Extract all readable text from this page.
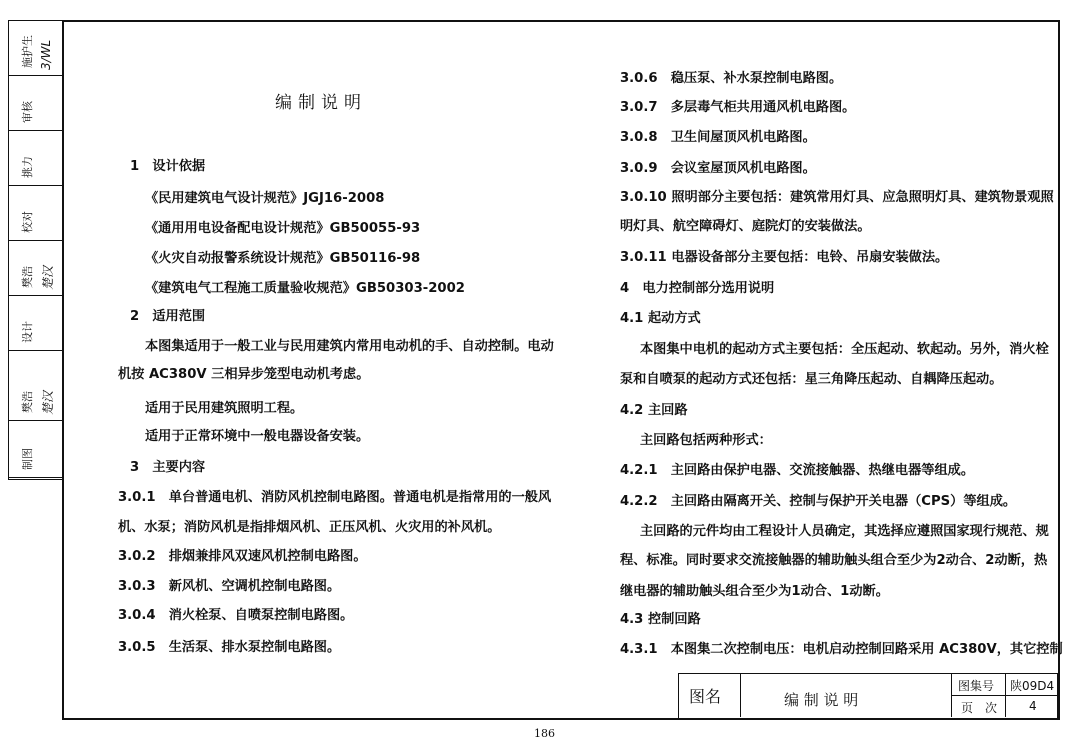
施护生 3/WL
审核
挑力
校对
樊浩 楚汉
设计
樊浩 楚汉
制图
编制说明
1　设计依据
《民用建筑电气设计规范》JGJ16-2008
《通用用电设备配电设计规范》GB50055-93
《火灾自动报警系统设计规范》GB50116-98
《建筑电气工程施工质量验收规范》GB50303-2002
2　适用范围
本图集适用于一般工业与民用建筑内常用电动机的手、自动控制。电动
机按 AC380V 三相异步笼型电动机考虑。
适用于民用建筑照明工程。
适用于正常环境中一般电器设备安装。
3　主要内容
3.0.1　单台普通电机、消防风机控制电路图。普通电机是指常用的一般风
机、水泵；消防风机是指排烟风机、正压风机、火灾用的补风机。
3.0.2　排烟兼排风双速风机控制电路图。
3.0.3　新风机、空调机控制电路图。
3.0.4　消火栓泵、自喷泵控制电路图。
3.0.5　生活泵、排水泵控制电路图。
3.0.6　稳压泵、补水泵控制电路图。
3.0.7　多层毒气柜共用通风机电路图。
3.0.8　卫生间屋顶风机电路图。
3.0.9　会议室屋顶风机电路图。
3.0.10 照明部分主要包括：建筑常用灯具、应急照明灯具、建筑物景观照
明灯具、航空障碍灯、庭院灯的安装做法。
3.0.11 电器设备部分主要包括：电铃、吊扇安装做法。
4　电力控制部分选用说明
4.1 起动方式
本图集中电机的起动方式主要包括：全压起动、软起动。另外，消火栓
泵和自喷泵的起动方式还包括：星三角降压起动、自耦降压起动。
4.2 主回路
主回路包括两种形式：
4.2.1　主回路由保护电器、交流接触器、热继电器等组成。
4.2.2　主回路由隔离开关、控制与保护开关电器（CPS）等组成。
主回路的元件均由工程设计人员确定，其选择应遵照国家现行规范、规
程、标准。同时要求交流接触器的辅助触头组合至少为2动合、2动断，热
继电器的辅助触头组合至少为1动合、1动断。
4.3 控制回路
4.3.1　本图集二次控制电压：电机启动控制回路采用 AC380V，其它控制
图名	编 制 说 明
图集号 陕09D4
页　次	4
186
